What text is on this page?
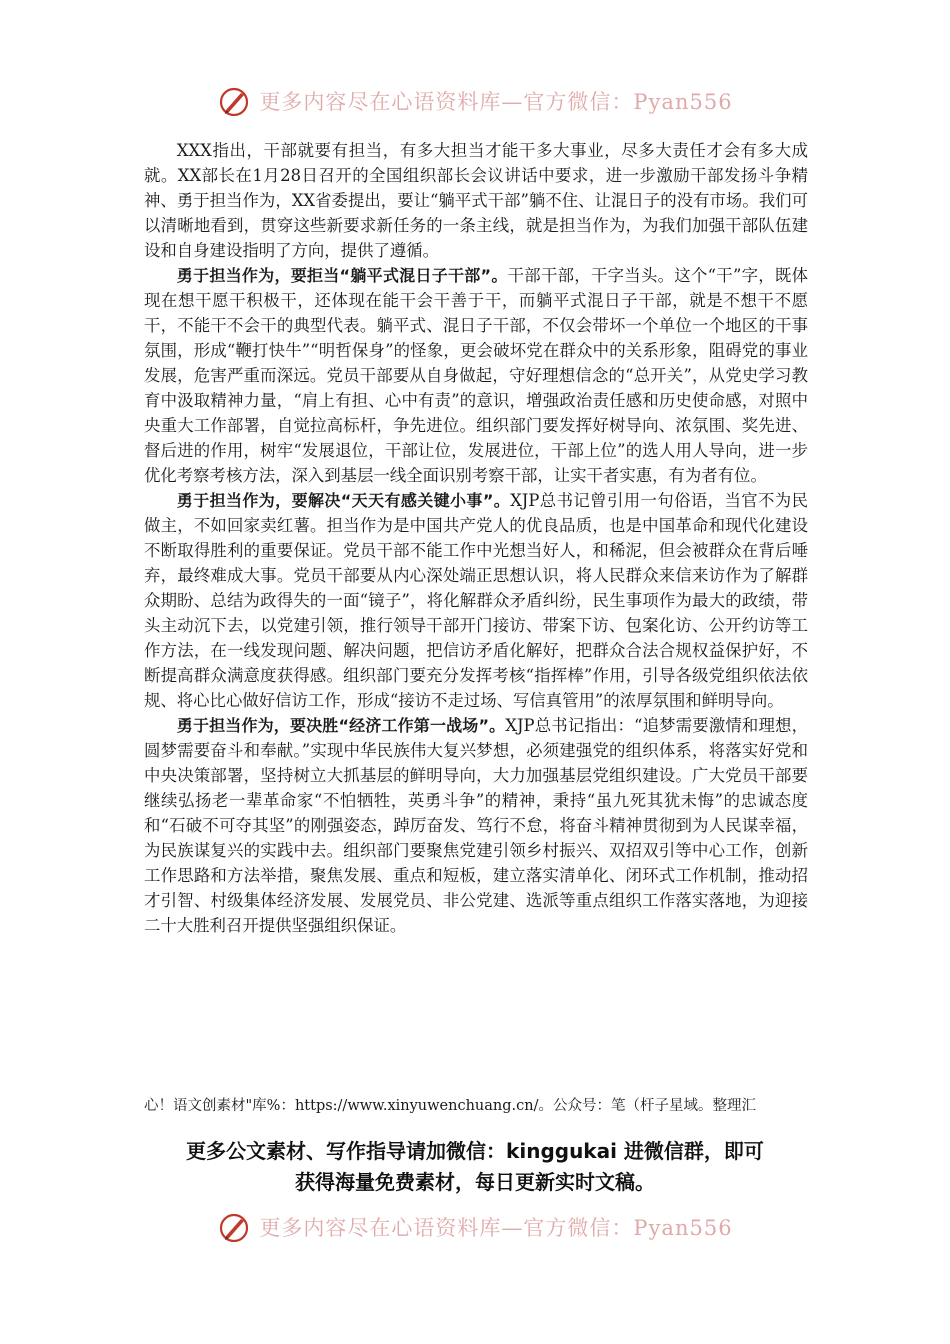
更多内容尽在心语资料库—官方微信：Pyan556

XXX指出，干部就要有担当，有多大担当才能干多大事业，尽多大责任才会有多大成就。XX部长在1月28日召开的全国组织部长会议讲话中要求，进一步激励干部发扬斗争精神、勇于担当作为，XX省委提出，要让“躺平式干部”躺不住、让混日子的没有市场。我们可以清晰地看到，贯穿这些新要求新任务的一条主线，就是担当作为，为我们加强干部队伍建设和自身建设指明了方向，提供了遵循。

勇于担当作为，要拒当“躺平式混日子干部”。干部干部，干字当头。这个“干”字，既体现在想干愿干积极干，还体现在能干会干善于干，而躺平式混日子干部，就是不想干不愿干，不能干不会干的典型代表。躺平式、混日子干部，不仅会带坏一个单位一个地区的干事氛围，形成“鞭打快牛”“明哲保身”的怪象，更会破坏党在群众中的关系形象，阻碍党的事业发展，危害严重而深远。党员干部要从自身做起，守好理想信念的“总开关”，从党史学习教育中汲取精神力量，“肩上有担、心中有责”的意识，增强政治责任感和历史使命感，对照中央重大工作部署，自觉拉高标杆，争先进位。组织部门要发挥好树导向、浓氛围、奖先进、督后进的作用，树牢“发展退位，干部让位，发展进位，干部上位”的选人用人导向，进一步优化考察考核方法，深入到基层一线全面识别考察干部，让实干者实惠，有为者有位。

勇于担当作为，要解决“天天有感关键小事”。XJP总书记曾引用一句俗语，当官不为民做主，不如回家卖红薯。担当作为是中国共产党人的优良品质，也是中国革命和现代化建设不断取得胜利的重要保证。党员干部不能工作中光想当好人，和稀泥，但会被群众在背后唾弃，最终难成大事。党员干部要从内心深处端正思想认识，将人民群众来信来访作为了解群众期盼、总结为政得失的一面“镜子”，将化解群众矛盾纠纷，民生事项作为最大的政绩，带头主动沉下去，以党建引领，推行领导干部开门接访、带案下访、包案化访、公开约访等工作方法，在一线发现问题、解决问题，把信访矛盾化解好，把群众合法合规权益保护好，不断提高群众满意度获得感。组织部门要充分发挥考核“指挥棒”作用，引导各级党组织依法依规、将心比心做好信访工作，形成“接访不走过场、写信真管用”的浓厚氛围和鲜明导向。

勇于担当作为，要决胜“经济工作第一战场”。XJP总书记指出：“追梦需要激情和理想，圆梦需要奋斗和奉献。”实现中华民族伟大复兴梦想，必须建强党的组织体系，将落实好党和中央决策部署，坚持树立大抓基层的鲜明导向，大力加强基层党组织建设。广大党员干部要继续弘扬老一辈革命家“不怕牺牲，英勇斗争”的精神，秉持“虽九死其犹未悔”的忠诚态度和“石破不可夺其坚”的刚强姿态，踔厉奋发、笃行不怠，将奋斗精神贯彻到为人民谋幸福，为民族谋复兴的实践中去。组织部门要聚焦党建引领乡村振兴、双招双引等中心工作，创新工作思路和方法举措，聚焦发展、重点和短板，建立落实清单化、闭环式工作机制，推动招才引智、村级集体经济发展、发展党员、非公党建、选派等重点组织工作落实落地，为迎接二十大胜利召开提供坚强组织保证。

心！语文创素材"库%：https://www.xinyuwenchuang.cn/。公众号：笔（杆子星域。整理汇
更多公文素材、写作指导请加微信：kinggukai 进微信群，即可
获得海量免费素材，每日更新实时文稿。
更多内容尽在心语资料库—官方微信：Pyan556
